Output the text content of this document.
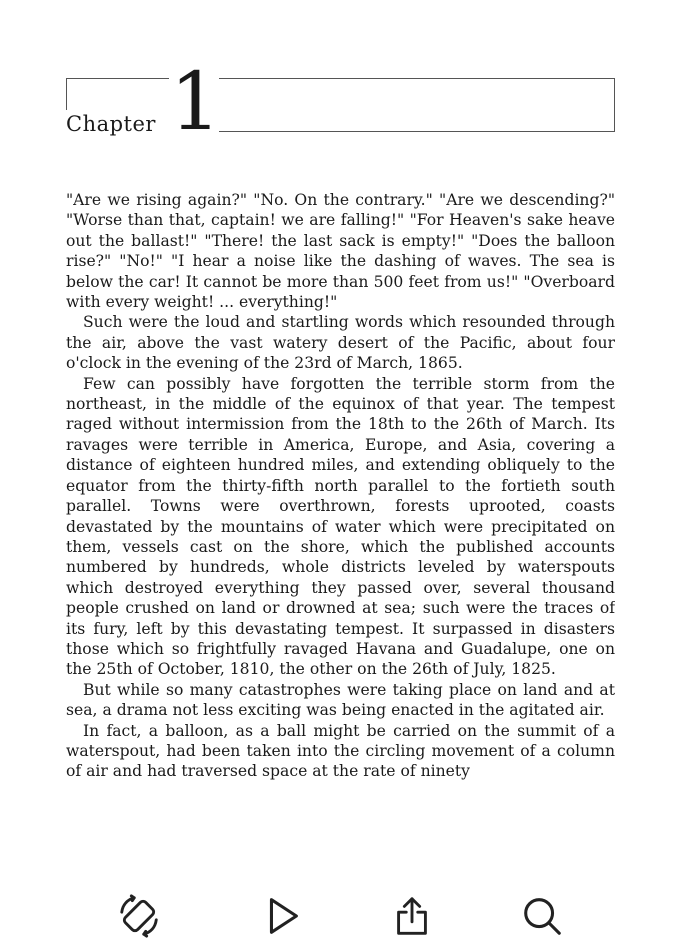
Chapter 1

"Are we rising again?" "No. On the contrary." "Are we descending?" "Worse than that, captain! we are falling!" "For Heaven's sake heave out the ballast!" "There! the last sack is empty!" "Does the balloon rise?" "No!" "I hear a noise like the dashing of waves. The sea is below the car! It cannot be more than 500 feet from us!" "Overboard with every weight! ... everything!"

Such were the loud and startling words which resounded through the air, above the vast watery desert of the Pacific, about four o'clock in the evening of the 23rd of March, 1865.

Few can possibly have forgotten the terrible storm from the northeast, in the middle of the equinox of that year. The tempest raged without intermission from the 18th to the 26th of March. Its ravages were terrible in America, Europe, and Asia, covering a distance of eighteen hundred miles, and extending obliquely to the equator from the thirty-fifth north parallel to the fortieth south parallel. Towns were overthrown, forests uprooted, coasts devastated by the mountains of water which were precipitated on them, vessels cast on the shore, which the published accounts numbered by hundreds, whole districts leveled by waterspouts which destroyed everything they passed over, several thousand people crushed on land or drowned at sea; such were the traces of its fury, left by this devastating tempest. It surpassed in disasters those which so frightfully ravaged Havana and Guadalupe, one on the 25th of October, 1810, the other on the 26th of July, 1825.

But while so many catastrophes were taking place on land and at sea, a drama not less exciting was being enacted in the agitated air.

In fact, a balloon, as a ball might be carried on the summit of a waterspout, had been taken into the circling movement of a column of air and had traversed space at the rate of ninety
